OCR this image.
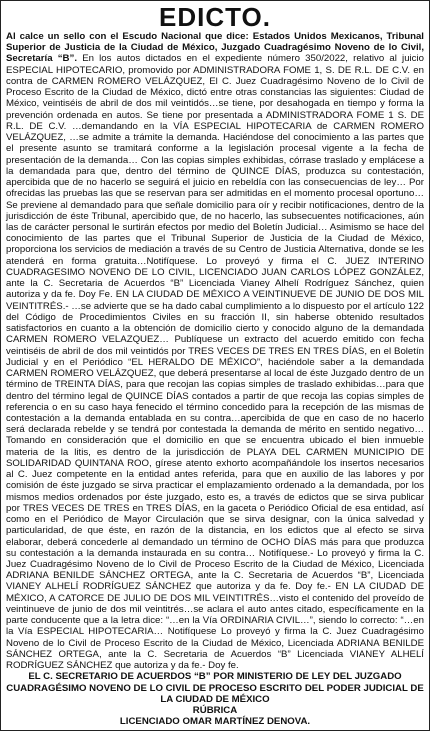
EDICTO.

Al calce un sello con el Escudo Nacional que dice: Estados Unidos Mexicanos, Tribunal Superior de Justicia de la Ciudad de México, Juzgado Cuadragésimo Noveno de lo Civil, Secretaría “B”. En los autos dictados en el expediente número 350/2022, relativo al juicio ESPECIAL HIPOTECARIO, promovido por ADMINISTRADORA FOME 1, S. DE R.L. DE C.V. en contra de CARMEN ROMERO VELÁZQUEZ, El C. Juez Cuadragésimo Noveno de lo Civil de Proceso Escrito de la Ciudad de México, dictó entre otras constancias las siguientes: Ciudad de México, veintiséis de abril de dos mil veintidós…se tiene, por desahogada en tiempo y forma la prevención ordenada en autos. Se tiene por presentada a ADMINISTRADORA FOME 1 S. DE R.L. DE C.V. …demandando en la VÍA ESPECIAL HIPOTECARIA de CARMEN ROMERO VELÁZQUEZ, …se admite a trámite la demanda. Haciéndose del conocimiento a las partes que el presente asunto se tramitará conforme a la legislación procesal vigente a la fecha de presentación de la demanda… Con las copias simples exhibidas, córrase traslado y emplácese a la demandada para que, dentro del término de QUINCE DÍAS, produzca su contestación, apercibida que de no hacerlo se seguirá el juicio en rebeldía con las consecuencias de ley… Por ofrecidas las pruebas las que se reservan para ser admitidas en el momento procesal oportuno…Se previene al demandado para que señale domicilio para oír y recibir notificaciones, dentro de la jurisdicción de éste Tribunal, apercibido que, de no hacerlo, las subsecuentes notificaciones, aún las de carácter personal le surtirán efectos por medio del Boletín Judicial… Asimismo se hace del conocimiento de las partes que el Tribunal Superior de Justicia de la Ciudad de México, proporciona los servicios de mediación a través de su Centro de Justicia Alternativa, donde se les atenderá en forma gratuita…Notifíquese. Lo proveyó y firma el C. JUEZ INTERINO CUADRAGESIMO NOVENO DE LO CIVIL, LICENCIADO JUAN CARLOS LÓPEZ GONZÁLEZ, ante la C. Secretaria de Acuerdos “B” Licenciada Vianey Alhelí Rodríguez Sánchez, quien autoriza y da fe. Doy Fe. EN LA CIUDAD DE MÉXICO A VEINTINUEVE DE JUNIO DE DOS MIL VEINTITRÉS.- …se advierte que se ha dado cabal cumplimiento a lo dispuesto por el artículo 122 del Código de Procedimientos Civiles en su fracción II, sin haberse obtenido resultados satisfactorios en cuanto a la obtención de domicilio cierto y conocido alguno de la demandada CARMEN ROMERO VELAZQUEZ… Publíquese un extracto del acuerdo emitido con fecha veintiséis de abril de dos mil veintidós por TRES VECES DE TRES EN TRES DÍAS, en el Boletín Judicial y en el Periódico “EL HERALDO DE MÉXICO”, haciéndole saber a la demandada CARMEN ROMERO VELÁZQUEZ, que deberá presentarse al local de éste Juzgado dentro de un término de TREINTA DÍAS, para que recojan las copias simples de traslado exhibidas…para que dentro del término legal de QUINCE DÍAS contados a partir de que recoja las copias simples de referencia o en su caso haya fenecido el término concedido para la recepción de las mismas de contestación a la demanda entablada en su contra…apercibida de que en caso de no hacerlo será declarada rebelde y se tendrá por contestada la demanda de mérito en sentido negativo… Tomando en consideración que el domicilio en que se encuentra ubicado el bien inmueble materia de la litis, es dentro de la jurisdicción de PLAYA DEL CARMEN MUNICIPIO DE SOLIDARIDAD QUINTANA ROO, gírese atento exhorto acompañándole los insertos necesarios al C. Juez competente en la entidad antes referida, para que en auxilio de las labores y por comisión de éste juzgado se sirva practicar el emplazamiento ordenado a la demandada, por los mismos medios ordenados por éste juzgado, esto es, a través de edictos que se sirva publicar por TRES VECES DE TRES en TRES DÍAS, en la gaceta o Periódico Oficial de esa entidad, así como en el Periódico de Mayor Circulación que se sirva designar, con la única salvedad y particularidad, de que éste, en razón de la distancia, en los edictos que al efecto se sirva elaborar, deberá concederle al demandado un término de OCHO DÍAS más para que produzca su contestación a la demanda instaurada en su contra… Notifíquese.- Lo proveyó y firma la C. Juez Cuadragésimo Noveno de lo Civil de Proceso Escrito de la Ciudad de México, Licenciada ADRIANA BENILDE SÁNCHEZ ORTEGA, ante la C. Secretaria de Acuerdos “B”, Licenciada VIANEY ALHELÍ RODRÍGUEZ SÁNCHEZ que autoriza y da fe. Doy fe.- EN LA CIUDAD DE MÉXICO, A CATORCE DE JULIO DE DOS MIL VEINTITRÉS…visto el contenido del proveído de veintinueve de junio de dos mil veintitrés…se aclara el auto antes citado, específicamente en la parte conducente que a la letra dice: “…en la Vía ORDINARIA CIVIL…”, siendo lo correcto: “…en la Vía ESPECIAL HIPOTECARIA… Notifíquese Lo proveyó y firma la C. Juez Cuadragésimo Noveno de lo Civil de Proceso Escrito de la Ciudad de México, Licenciada ADRIANA BENILDE SÁNCHEZ ORTEGA, ante la C. Secretaria de Acuerdos “B” Licenciada VIANEY ALHELÍ RODRÍGUEZ SÁNCHEZ que autoriza y da fe.- Doy fe.

EL C. SECRETARIO DE ACUERDOS “B” POR MINISTERIO DE LEY DEL JUZGADO CUADRAGÉSIMO NOVENO DE LO CIVIL DE PROCESO ESCRITO DEL PODER JUDICIAL DE LA CIUDAD DE MÉXICO
RÚBRICA
LICENCIADO OMAR MARTÍNEZ DENOVA.
